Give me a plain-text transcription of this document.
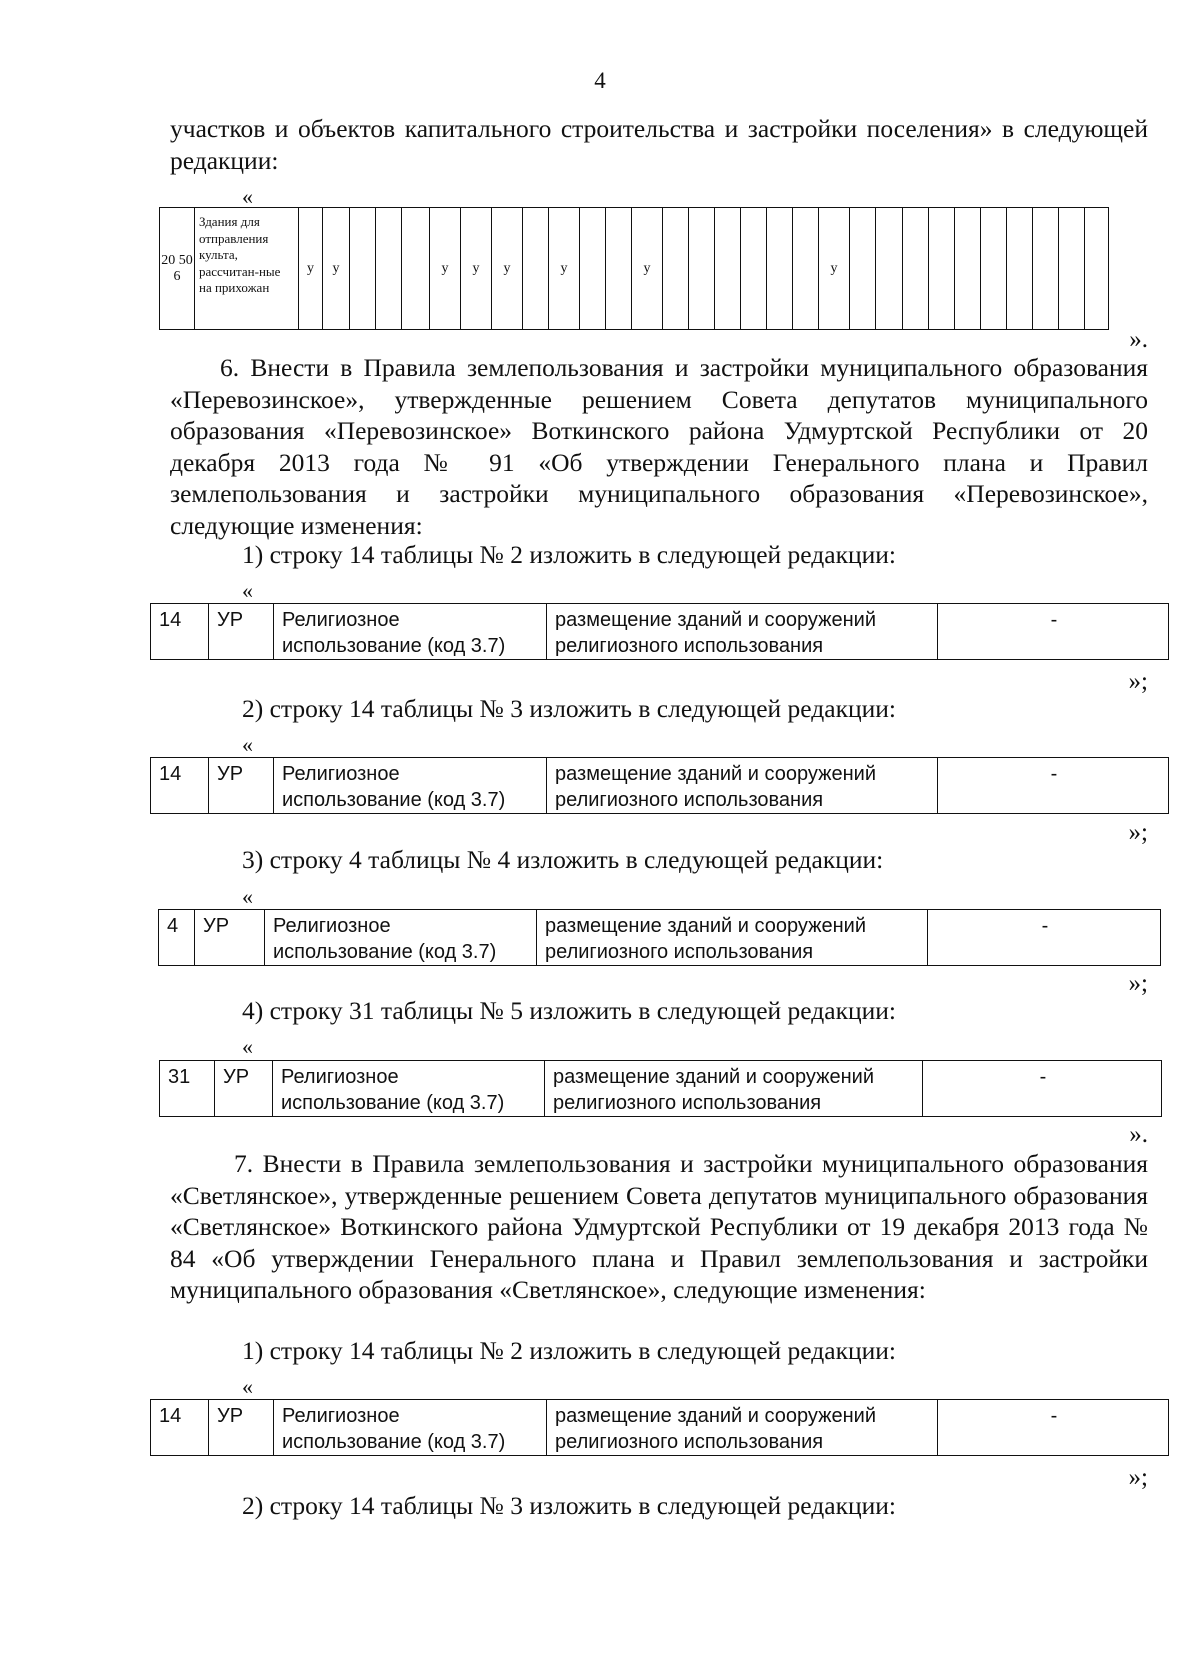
4

участков и объектов капитального строительства и застройки поселения» в следующей редакции:

«
20 50 6	Здания для отправления культа, рассчитан-ные на прихожан	у	у				у	у	у		у			у							у										
».

6. Внести в Правила землепользования и застройки муниципального образования «Перевозинское», утвержденные решением Совета депутатов муниципального образования «Перевозинское» Воткинского района Удмуртской Республики от 20 декабря 2013 года № 91 «Об утверждении Генерального плана и Правил землепользования и застройки муниципального образования «Перевозинское», следующие изменения:

1) строку 14 таблицы № 2 изложить в следующей редакции:
«
14	УР	Религиозное использование (код 3.7)	размещение зданий и сооружений религиозного использования	-
»;
2) строку 14 таблицы № 3 изложить в следующей редакции:
«
14	УР	Религиозное использование (код 3.7)	размещение зданий и сооружений религиозного использования	-
»;
3) строку 4 таблицы № 4 изложить в следующей редакции:
«
4	УР	Религиозное использование (код 3.7)	размещение зданий и сооружений религиозного использования	-
»;
4) строку 31 таблицы № 5 изложить в следующей редакции:
«
31	УР	Религиозное использование (код 3.7)	размещение зданий и сооружений религиозного использования	-
».

7. Внести в Правила землепользования и застройки муниципального образования «Светлянское», утвержденные решением Совета депутатов муниципального образования «Светлянское» Воткинского района Удмуртской Республики от 19 декабря 2013 года № 84 «Об утверждении Генерального плана и Правил землепользования и застройки муниципального образования «Светлянское», следующие изменения:

1) строку 14 таблицы № 2 изложить в следующей редакции:
«
14	УР	Религиозное использование (код 3.7)	размещение зданий и сооружений религиозного использования	-
»;
2) строку 14 таблицы № 3 изложить в следующей редакции:
